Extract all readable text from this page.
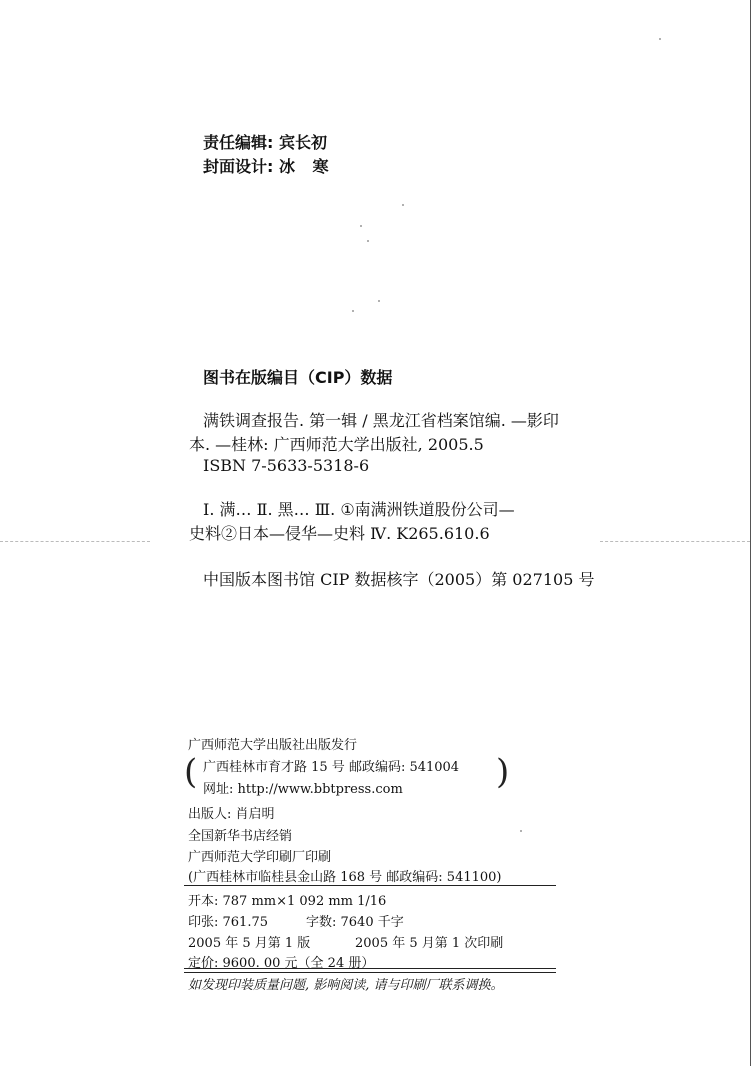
责任编辑: 宾长初
封面设计: 冰 寒
图书在版编目（CIP）数据
满铁调查报告. 第一辑 / 黑龙江省档案馆编. —影印
本. —桂林: 广西师范大学出版社, 2005.5
ISBN 7-5633-5318-6
Ⅰ. 满… Ⅱ. 黑… Ⅲ. ①南满洲铁道股份公司—
史料②日本—侵华—史料 Ⅳ. K265.610.6
中国版本图书馆 CIP 数据核字（2005）第 027105 号
广西师范大学出版社出版发行
( 广西桂林市育才路 15 号 邮政编码: 541004
网址: http://www.bbtpress.com	)
出版人: 肖启明
全国新华书店经销
广西师范大学印刷厂印刷
(广西桂林市临桂县金山路 168 号 邮政编码: 541100)
开本: 787 mm×1 092 mm 1/16
印张: 761.75	字数: 7640 千字
2005 年 5 月第 1 版	2005 年 5 月第 1 次印刷
定价: 9600. 00 元（全 24 册）
如发现印装质量问题, 影响阅读, 请与印刷厂联系调换。
